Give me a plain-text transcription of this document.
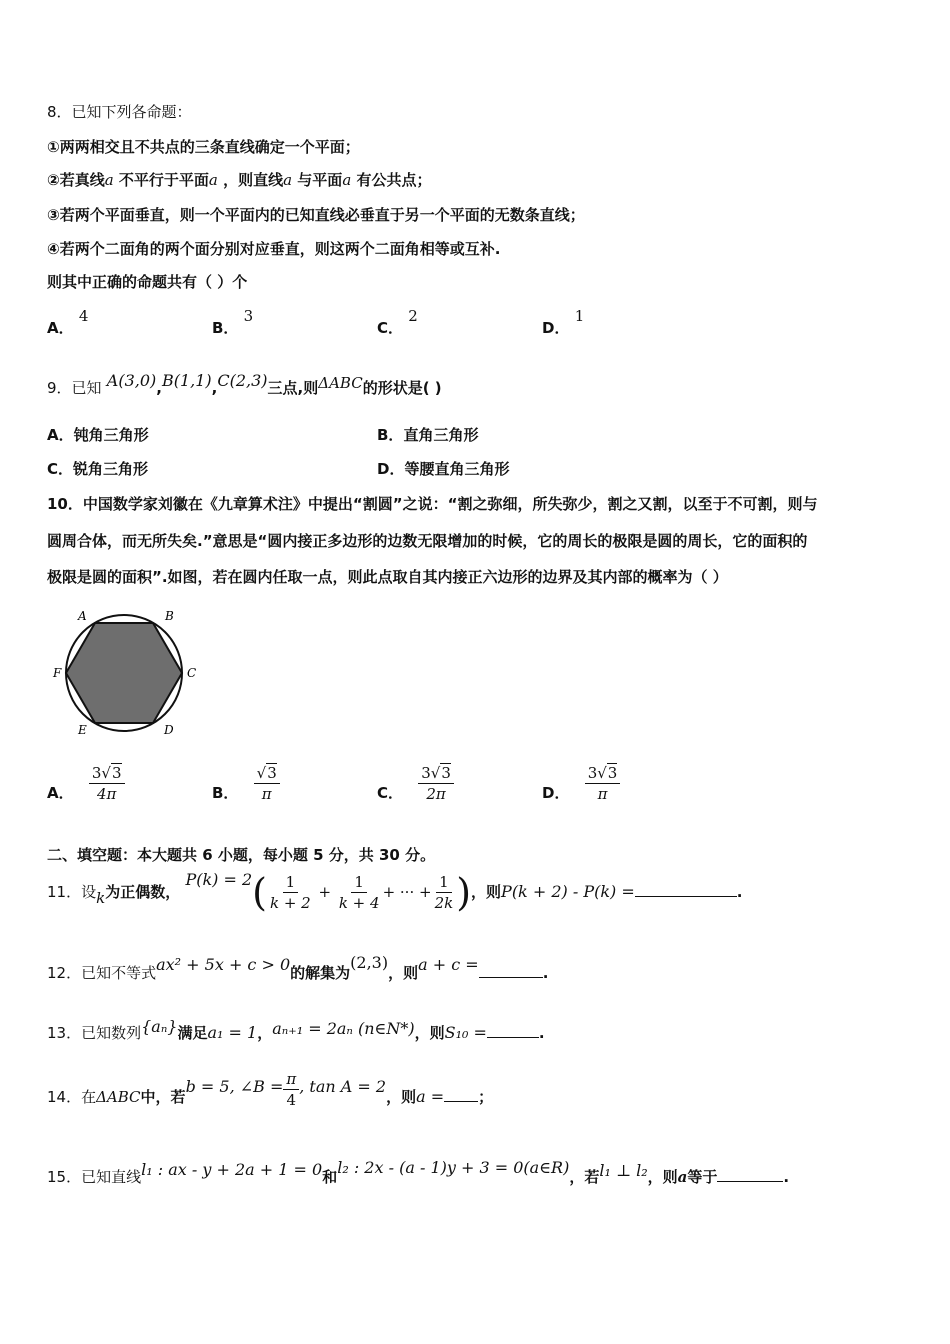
8．已知下列各命题：
①两两相交且不共点的三条直线确定一个平面；
②若真线a 不平行于平面a ，则直线a 与平面a 有公共点；
③若两个平面垂直，则一个平面内的已知直线必垂直于另一个平面的无数条直线；
④若两个二面角的两个面分别对应垂直，则这两个二面角相等或互补.
则其中正确的命题共有（ ）个
A． 4
B． 3
C． 2
D． 1
9．已知 A(3,0),B(1,1),C(2,3)三点,则ΔABC的形状是( )
A．钝角三角形	B．直角三角形
C．锐角三角形	D．等腰直角三角形
10．中国数学家刘徽在《九章算术注》中提出“割圆”之说：“割之弥细，所失弥少，割之又割，以至于不可割，则与
圆周合体，而无所失矣.”意思是“圆内接正多边形的边数无限增加的时候，它的周长的极限是圆的周长，它的面积的
极限是圆的面积”.如图，若在圆内任取一点，则此点取自其内接正六边形的边界及其内部的概率为（ ）
A	B
C
D
E
F
A． $\frac{3√3}{4\pi}$	B． $\frac{√3}{\pi}$	C． $\frac{3√3}{2\pi}$	D． $\frac{3√3}{\pi}$
二、填空题：本大题共 6 小题，每小题 5 分，共 30 分。
11．设k为正偶数， $P(k) = 2( \frac{1}{k + 2} + \frac{1}{k + 4}$ + ··· + $\frac{1}{2k}$ )，则P(k + 2) - P(k) =	.
12．已知不等式ax² + 5x + c > 0的解集为(2,3)，则a + c =	.
13．已知数列{aₙ}满足a₁ = 1，aₙ₊₁ = 2aₙ (n∈N*)，则S₁₀ =	.
14．在ΔABC中，若b = 5, ∠B = $\frac{\pi}{4}$ , tan A = 2，则a = ；
15．已知直线l₁ : ax - y + 2a + 1 = 0和l₂ : 2x - (a - 1)y + 3 = 0(a∈R)，若l₁ ⊥ l₂，则a等于	.
